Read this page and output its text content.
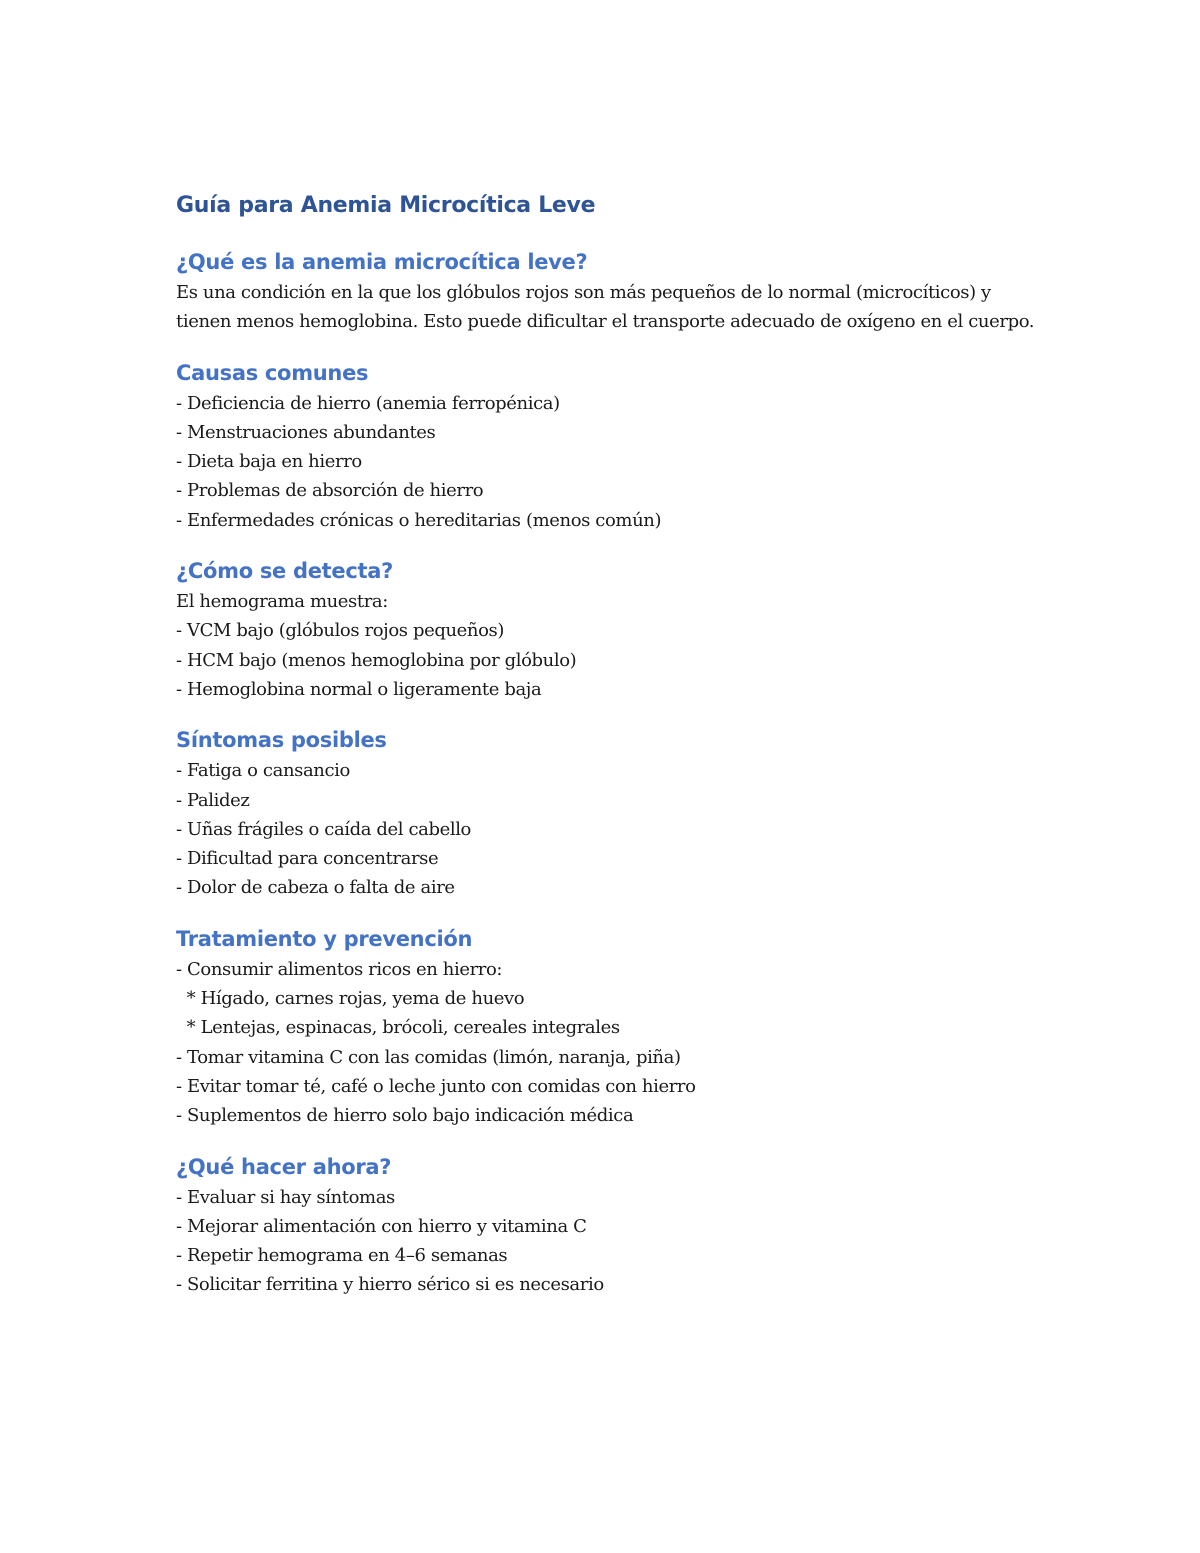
Guía para Anemia Microcítica Leve
¿Qué es la anemia microcítica leve?

Es una condición en la que los glóbulos rojos son más pequeños de lo normal (microcíticos) y tienen menos hemoglobina. Esto puede dificultar el transporte adecuado de oxígeno en el cuerpo.

Causas comunes
- Deficiencia de hierro (anemia ferropénica)
- Menstruaciones abundantes
- Dieta baja en hierro
- Problemas de absorción de hierro
- Enfermedades crónicas o hereditarias (menos común)
¿Cómo se detecta?
El hemograma muestra:
- VCM bajo (glóbulos rojos pequeños)
- HCM bajo (menos hemoglobina por glóbulo)
- Hemoglobina normal o ligeramente baja
Síntomas posibles
- Fatiga o cansancio
- Palidez
- Uñas frágiles o caída del cabello
- Dificultad para concentrarse
- Dolor de cabeza o falta de aire
Tratamiento y prevención
- Consumir alimentos ricos en hierro:
* Hígado, carnes rojas, yema de huevo
* Lentejas, espinacas, brócoli, cereales integrales
- Tomar vitamina C con las comidas (limón, naranja, piña)
- Evitar tomar té, café o leche junto con comidas con hierro
- Suplementos de hierro solo bajo indicación médica
¿Qué hacer ahora?
- Evaluar si hay síntomas
- Mejorar alimentación con hierro y vitamina C
- Repetir hemograma en 4–6 semanas
- Solicitar ferritina y hierro sérico si es necesario
